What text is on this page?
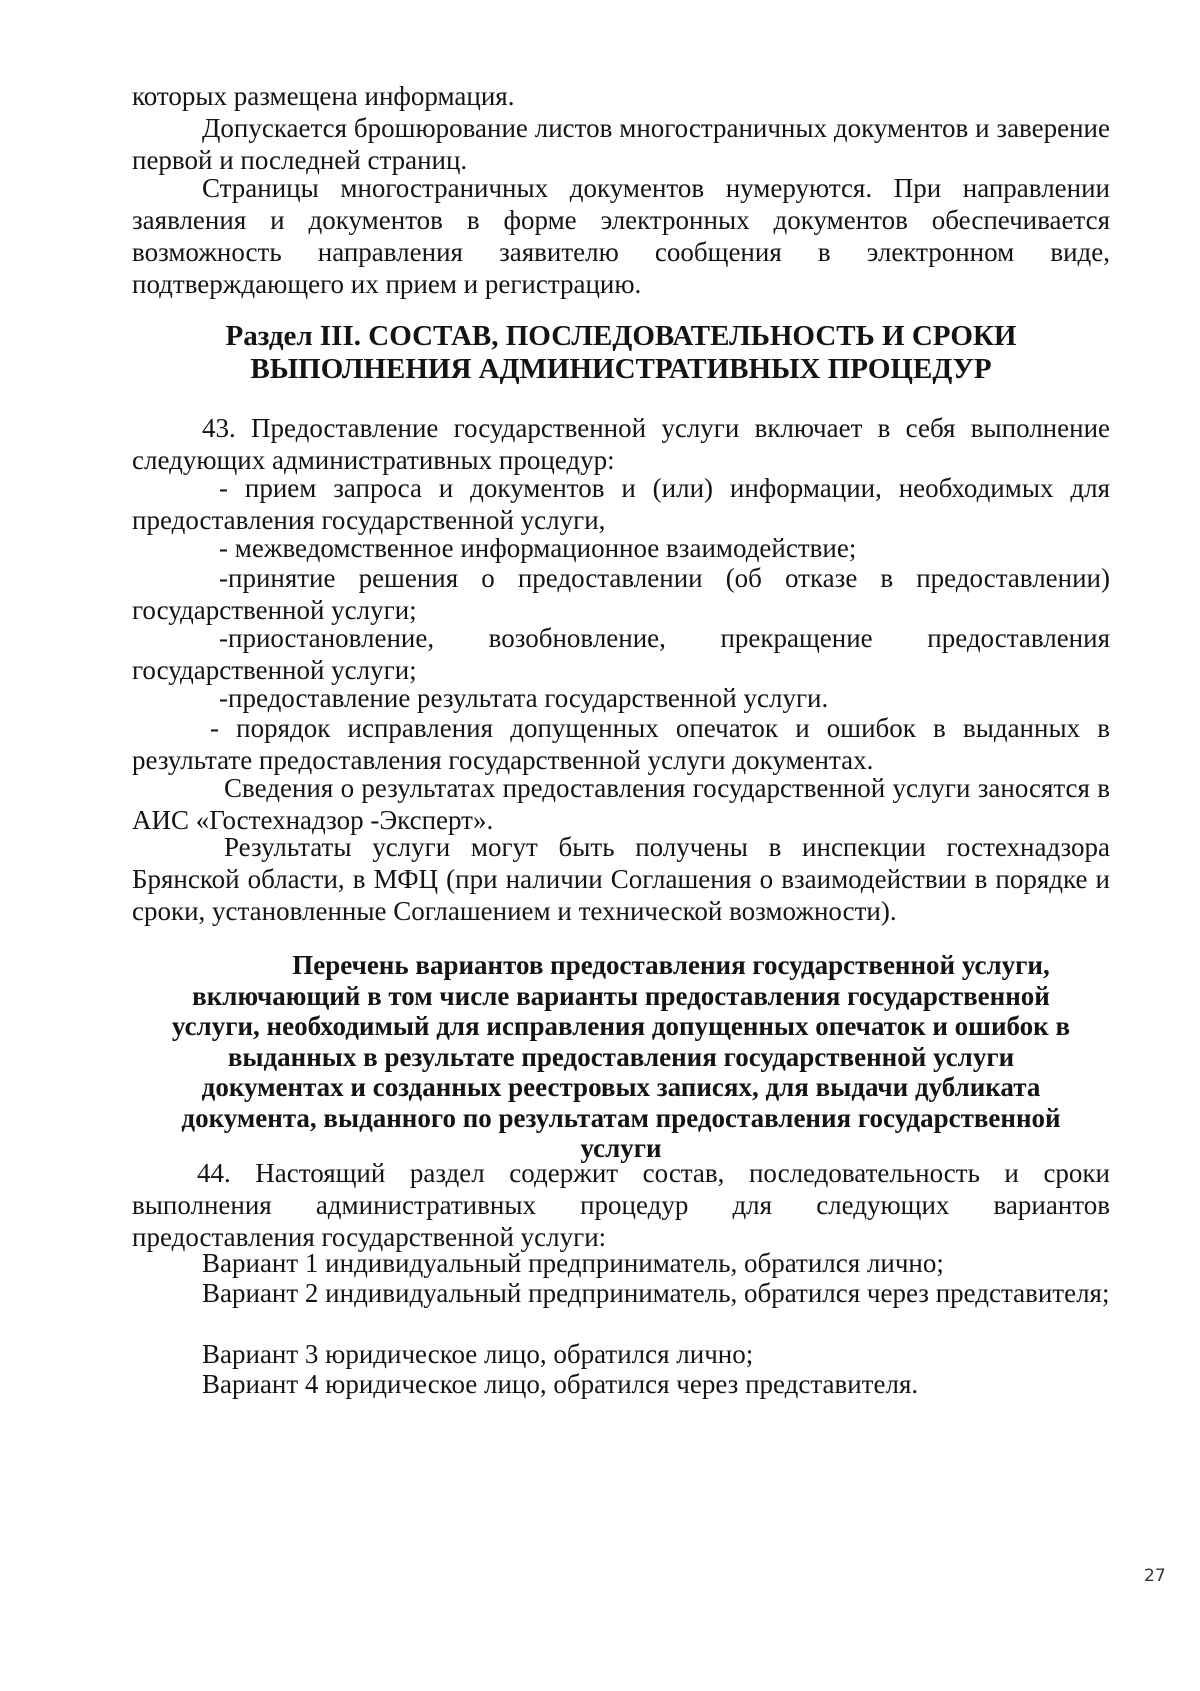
которых размещена информация.

Допускается брошюрование листов многостраничных документов и заверение первой и последней страниц.

Страницы многостраничных документов нумеруются. При направлении заявления и документов в форме электронных документов обеспечивается возможность направления заявителю сообщения в электронном виде, подтверждающего их прием и регистрацию.

Раздел III. СОСТАВ, ПОСЛЕДОВАТЕЛЬНОСТЬ И СРОКИ
ВЫПОЛНЕНИЯ АДМИНИСТРАТИВНЫХ ПРОЦЕДУР

43. Предоставление государственной услуги включает в себя выполнение следующих административных процедур:

- прием запроса и документов и (или) информации, необходимых для предоставления государственной услуги,

- межведомственное информационное взаимодействие;

-принятие решения о предоставлении (об отказе в предоставлении) государственной услуги;

-приостановление, возобновление, прекращение предоставления государственной услуги;

-предоставление результата государственной услуги.

- порядок исправления допущенных опечаток и ошибок в выданных в результате предоставления государственной услуги документах.

Сведения о результатах предоставления государственной услуги заносятся в АИС «Гостехнадзор -Эксперт».

Результаты услуги могут быть получены в инспекции гостехнадзора Брянской области, в МФЦ (при наличии Соглашения о взаимодействии в порядке и сроки, установленные Соглашением и технической возможности).

Перечень вариантов предоставления государственной услуги,
включающий в том числе варианты предоставления государственной
услуги, необходимый для исправления допущенных опечаток и ошибок в
выданных в результате предоставления государственной услуги
документах и созданных реестровых записях, для выдачи дубликата
документа, выданного по результатам предоставления государственной
услуги

44. Настоящий раздел содержит состав, последовательность и сроки выполнения административных процедур для следующих вариантов предоставления государственной услуги:

Вариант 1 индивидуальный предприниматель, обратился лично;

Вариант 2 индивидуальный предприниматель, обратился через представителя;

Вариант 3 юридическое лицо, обратился лично;

Вариант 4 юридическое лицо, обратился через представителя.

27
